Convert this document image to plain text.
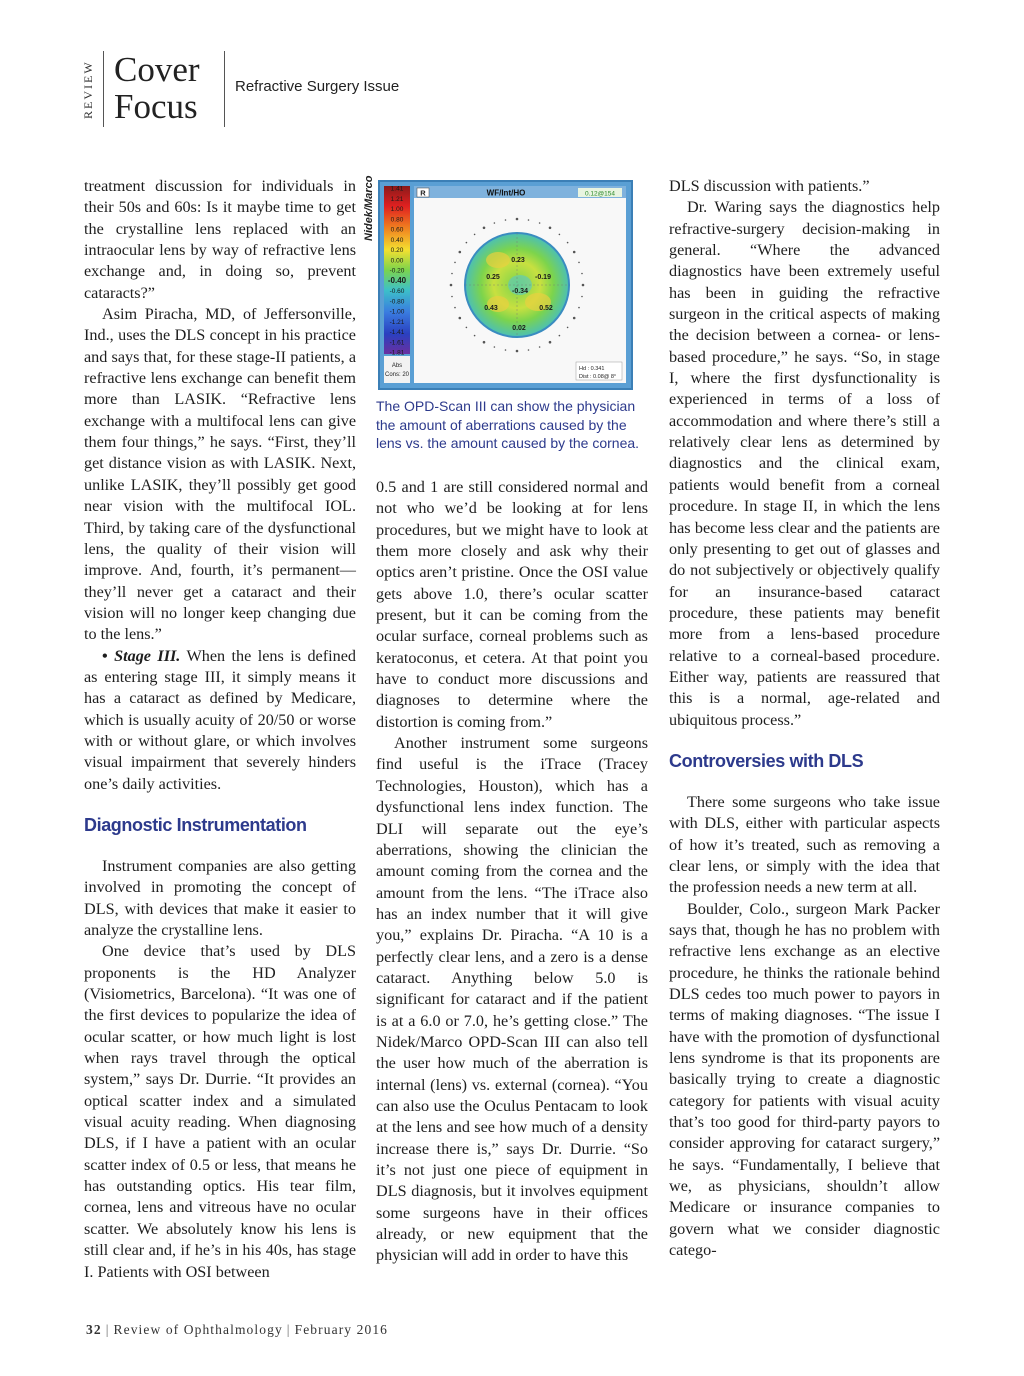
REVIEW Cover
Focus
Refractive Surgery Issue

treatment discussion for individuals in their 50s and 60s: Is it maybe time to get the crystalline lens replaced with an intraocular lens by way of refractive lens exchange and, in doing so, prevent cataracts?”

Asim Piracha, MD, of Jeffersonville, Ind., uses the DLS concept in his practice and says that, for these stage-II patients, a refractive lens exchange can benefit them more than LASIK. “Refractive lens exchange with a multifocal lens can give them four things,” he says. “First, they’ll get distance vision as with LASIK. Next, unlike LASIK, they’ll possibly get good near vision with the multifocal IOL. Third, by taking care of the dysfunctional lens, the quality of their vision will improve. And, fourth, it’s permanent—they’ll never get a cataract and their vision will no longer keep changing due to the lens.”

• Stage III. When the lens is defined as entering stage III, it simply means it has a cataract as defined by Medicare, which is usually acuity of 20/50 or worse with or without glare, or which involves visual impairment that severely hinders one’s daily activities.

Diagnostic Instrumentation

Instrument companies are also getting involved in promoting the concept of DLS, with devices that make it easier to analyze the crystalline lens.

One device that’s used by DLS proponents is the HD Analyzer (Visiometrics, Barcelona). “It was one of the first devices to popularize the idea of ocular scatter, or how much light is lost when rays travel through the optical system,” says Dr. Durrie. “It provides an optical scatter index and a simulated visual acuity reading. When diagnosing DLS, if I have a patient with an ocular scatter index of 0.5 or less, that means he has outstanding optics. His tear film, cornea, lens and vitreous have no ocular scatter. We absolutely know his lens is still clear and, if he’s in his 40s, has stage I. Patients with OSI between

Nidek/Marco	1.41
1.21
1.00
0.80
0.60
0.40
0.20
0.00
-0.20
-0.40
-0.60
-0.80
-1.00
-1.21
-1.41
-1.61
-1.81
Abs
Cons: 20
R	WF/Int/HO	0.12@154
0.23
0.25	-0.19
-0.34
0.43	0.52
0.02
Hd : 0.341
Dist : 0.08@ 8°
The OPD-Scan III can show the physician the amount of aberrations caused by the lens vs. the amount caused by the cornea.

0.5 and 1 are still considered normal and not who we’d be looking at for lens procedures, but we might have to look at them more closely and ask why their optics aren’t pristine. Once the OSI value gets above 1.0, there’s ocular scatter present, but it can be coming from the ocular surface, corneal problems such as keratoconus, et cetera. At that point you have to conduct more discussions and diagnoses to determine where the distortion is coming from.”

Another instrument some surgeons find useful is the iTrace (Tracey Technologies, Houston), which has a dysfunctional lens index function. The DLI will separate out the eye’s aberrations, showing the clinician the amount coming from the cornea and the amount from the lens. “The iTrace also has an index number that it will give you,” explains Dr. Piracha. “A 10 is a perfectly clear lens, and a zero is a dense cataract. Anything below 5.0 is significant for cataract and if the patient is at a 6.0 or 7.0, he’s getting close.” The Nidek/Marco OPD-Scan III can also tell the user how much of the aberration is internal (lens) vs. external (cornea). “You can also use the Oculus Pentacam to look at the lens and see how much of a density increase there is,” says Dr. Durrie. “So it’s not just one piece of equipment in DLS diagnosis, but it involves equipment some surgeons have in their offices already, or new equipment that the physician will add in order to have this

DLS discussion with patients.”

Dr. Waring says the diagnostics help refractive-surgery decision-making in general. “Where the advanced diagnostics have been extremely useful has been in guiding the refractive surgeon in the critical aspects of making the decision between a cornea- or lens-based procedure,” he says. “So, in stage I, where the first dysfunctionality is experienced in terms of a loss of accommodation and where there’s still a relatively clear lens as determined by diagnostics and the clinical exam, patients would benefit from a corneal procedure. In stage II, in which the lens has become less clear and the patients are only presenting to get out of glasses and do not subjectively or objectively qualify for an insurance-based cataract procedure, these patients may benefit more from a lens-based procedure relative to a corneal-based procedure. Either way, patients are reassured that this is a normal, age-related and ubiquitous process.”

Controversies with DLS

There some surgeons who take issue with DLS, either with particular aspects of how it’s treated, such as removing a clear lens, or simply with the idea that the profession needs a new term at all.

Boulder, Colo., surgeon Mark Packer says that, though he has no problem with refractive lens exchange as an elective procedure, he thinks the rationale behind DLS cedes too much power to payors in terms of making diagnoses. “The issue I have with the promotion of dysfunctional lens syndrome is that its proponents are basically trying to create a diagnostic category for patients with visual acuity that’s too good for third-party payors to consider approving for cataract surgery,” he says. “Fundamentally, I believe that we, as physicians, shouldn’t allow Medicare or insurance companies to govern what we consider diagnostic catego-

32 | Review of Ophthalmology | February 2016
